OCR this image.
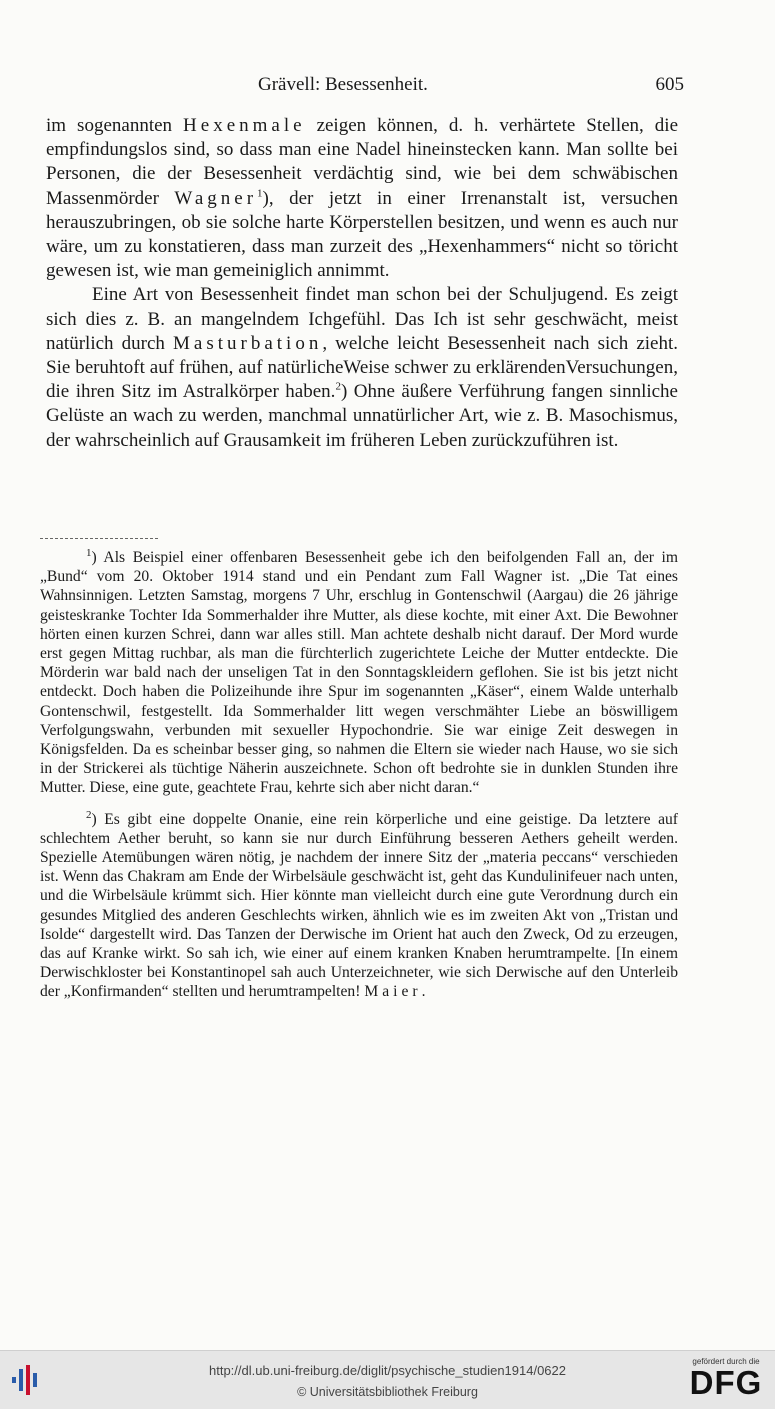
Grävell: Besessenheit.	605

im sogenannten Hexenmale zeigen können, d. h. verhärtete Stellen, die empfindungslos sind, so dass man eine Nadel hineinstecken kann. Man sollte bei Personen, die der Besessenheit verdächtig sind, wie bei dem schwäbischen Massenmörder Wagner$^1$), der jetzt in einer Irrenanstalt ist, versuchen herauszubringen, ob sie solche harte Körperstellen besitzen, und wenn es auch nur wäre, um zu konstatieren, dass man zurzeit des „Hexenhammers“ nicht so töricht gewesen ist, wie man gemeiniglich annimmt.

Eine Art von Besessenheit findet man schon bei der Schuljugend. Es zeigt sich dies z. B. an mangelndem Ichgefühl. Das Ich ist sehr geschwächt, meist natürlich durch Masturbation, welche leicht Besessenheit nach sich zieht. Sie beruhtoft auf frühen, auf natürlicheWeise schwer zu erklärendenVersuchungen, die ihren Sitz im Astralkörper haben.$^2$) Ohne äußere Verführung fangen sinnliche Gelüste an wach zu werden, manchmal unnatürlicher Art, wie z. B. Masochismus, der wahrscheinlich auf Grausamkeit im früheren Leben zurückzuführen ist.

$^1$) Als Beispiel einer offenbaren Besessenheit gebe ich den beifolgenden Fall an, der im „Bund“ vom 20. Oktober 1914 stand und ein Pendant zum Fall Wagner ist. „Die Tat eines Wahnsinnigen. Letzten Samstag, morgens 7 Uhr, erschlug in Gontenschwil (Aargau) die 26 jährige geisteskranke Tochter Ida Sommerhalder ihre Mutter, als diese kochte, mit einer Axt. Die Bewohner hörten einen kurzen Schrei, dann war alles still. Man achtete deshalb nicht darauf. Der Mord wurde erst gegen Mittag ruchbar, als man die fürchterlich zugerichtete Leiche der Mutter entdeckte. Die Mörderin war bald nach der unseligen Tat in den Sonntagskleidern geflohen. Sie ist bis jetzt nicht entdeckt. Doch haben die Polizeihunde ihre Spur im sogenannten „Käser“, einem Walde unterhalb Gontenschwil, festgestellt. Ida Sommerhalder litt wegen verschmähter Liebe an böswilligem Verfolgungswahn, verbunden mit sexueller Hypochondrie. Sie war einige Zeit deswegen in Königsfelden. Da es scheinbar besser ging, so nahmen die Eltern sie wieder nach Hause, wo sie sich in der Strickerei als tüchtige Näherin auszeichnete. Schon oft bedrohte sie in dunklen Stunden ihre Mutter. Diese, eine gute, geachtete Frau, kehrte sich aber nicht daran.“

$^2$) Es gibt eine doppelte Onanie, eine rein körperliche und eine geistige. Da letztere auf schlechtem Aether beruht, so kann sie nur durch Einführung besseren Aethers geheilt werden. Spezielle Atemübungen wären nötig, je nachdem der innere Sitz der „materia peccans“ verschieden ist. Wenn das Chakram am Ende der Wirbelsäule geschwächt ist, geht das Kundulinifeuer nach unten, und die Wirbelsäule krümmt sich. Hier könnte man vielleicht durch eine gute Verordnung durch ein gesundes Mitglied des anderen Geschlechts wirken, ähnlich wie es im zweiten Akt von „Tristan und Isolde“ dargestellt wird. Das Tanzen der Derwische im Orient hat auch den Zweck, Od zu erzeugen, das auf Kranke wirkt. So sah ich, wie einer auf einem kranken Knaben herumtrampelte. [In einem Derwischkloster bei Konstantinopel sah auch Unterzeichneter, wie sich Derwische auf den Unterleib der „Konfirmanden“ stellten und herumtrampelten! Maier.

http://dl.ub.uni-freiburg.de/diglit/psychische_studien1914/0622
© Universitätsbibliothek Freiburg
gefördert durch die
DFG
